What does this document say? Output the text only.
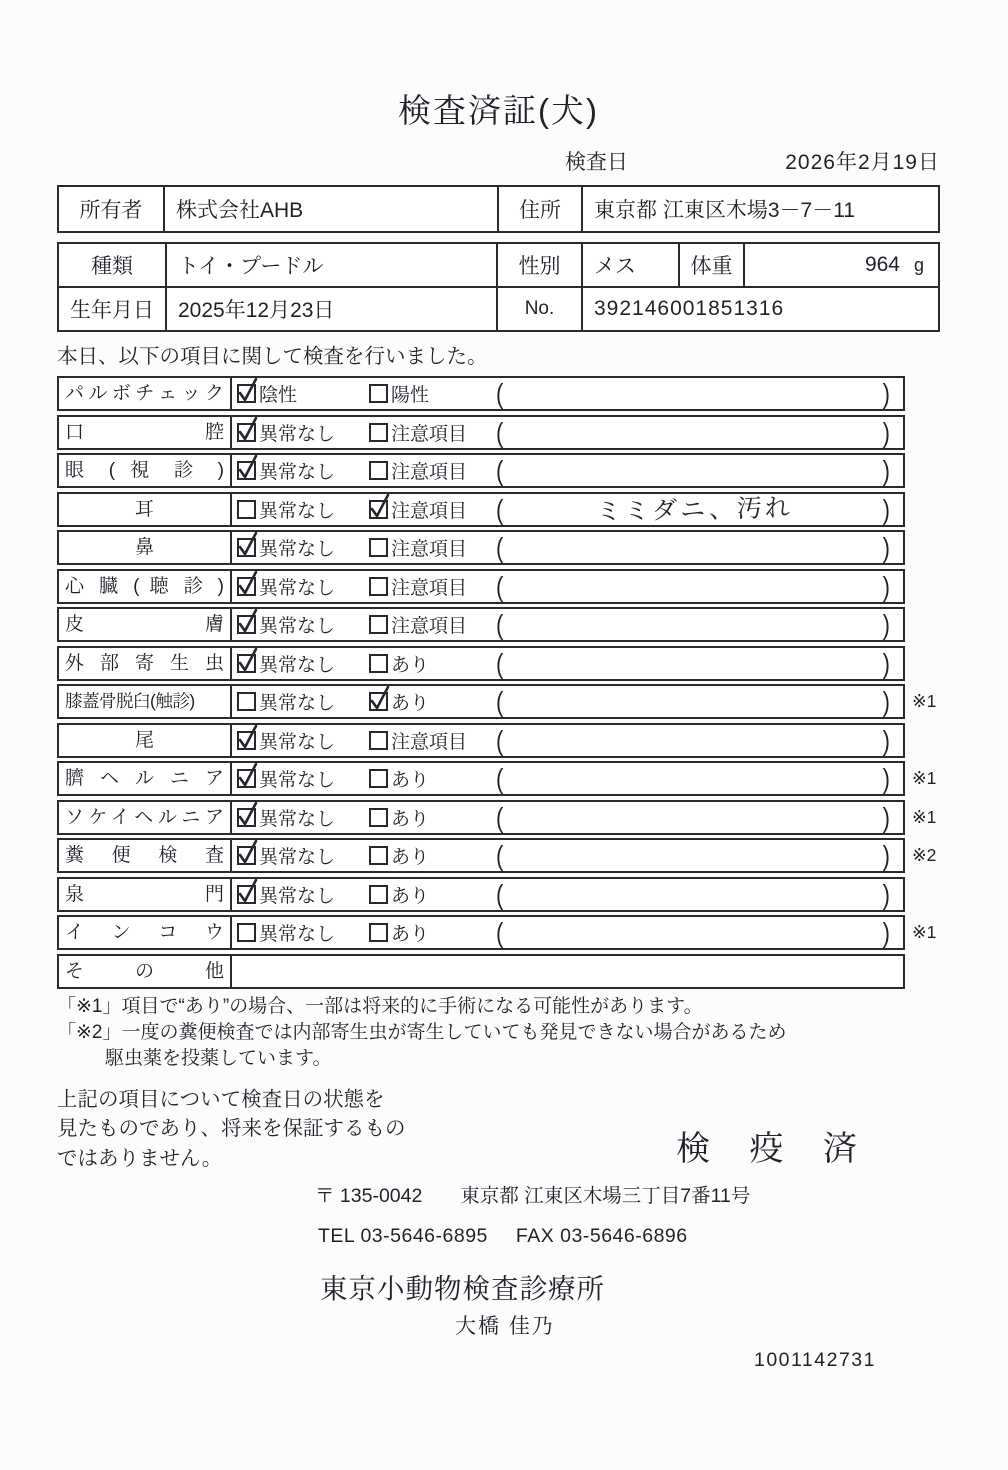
検査済証(犬)
検査日	2026年2月19日
所有者	株式会社AHB	住所	東京都 江東区木場3－7－11
種類	トイ・プードル	性別	メス	体重	964 g
生年月日	2025年12月23日	No.	392146001851316
本日、以下の項目に関して検査を行いました。
パルボチェック	陰性	陽性	(	)
口腔	異常なし	注意項目 (	)
眼 ( 視 診 )	異常なし	注意項目 (	)
耳	異常なし	注意項目 (	ミミダニ、汚れ	)
鼻	異常なし	注意項目 (	)
心 臓 ( 聴 診 )	異常なし	注意項目 (	)
皮膚	異常なし	注意項目 (	)
外部寄生虫	異常なし	あり	(	)
膝蓋骨脱臼(触診)	異常なし	あり	(	) ※1
尾	異常なし	注意項目 (	)
臍ヘルニア	異常なし	あり	(	) ※1
ソケイヘルニア	異常なし	あり	(	) ※1
糞便検査	異常なし	あり	(	) ※2
泉門	異常なし	あり	(	)
インコウ	異常なし	あり	(	) ※1
その他
「※1」項目で“あり”の場合、一部は将来的に手術になる可能性があります。
「※2」一度の糞便検査では内部寄生虫が寄生していても発見できない場合があるため
駆虫薬を投薬しています。
上記の項目について検査日の状態を
見たものであり、将来を保証するもの
ではありません。	検 疫 済
〒 135-0042 東京都 江東区木場三丁目7番11号
TEL 03-5646-6895 FAX 03-5646-6896
東京小動物検査診療所
大橋 佳乃
1001142731
